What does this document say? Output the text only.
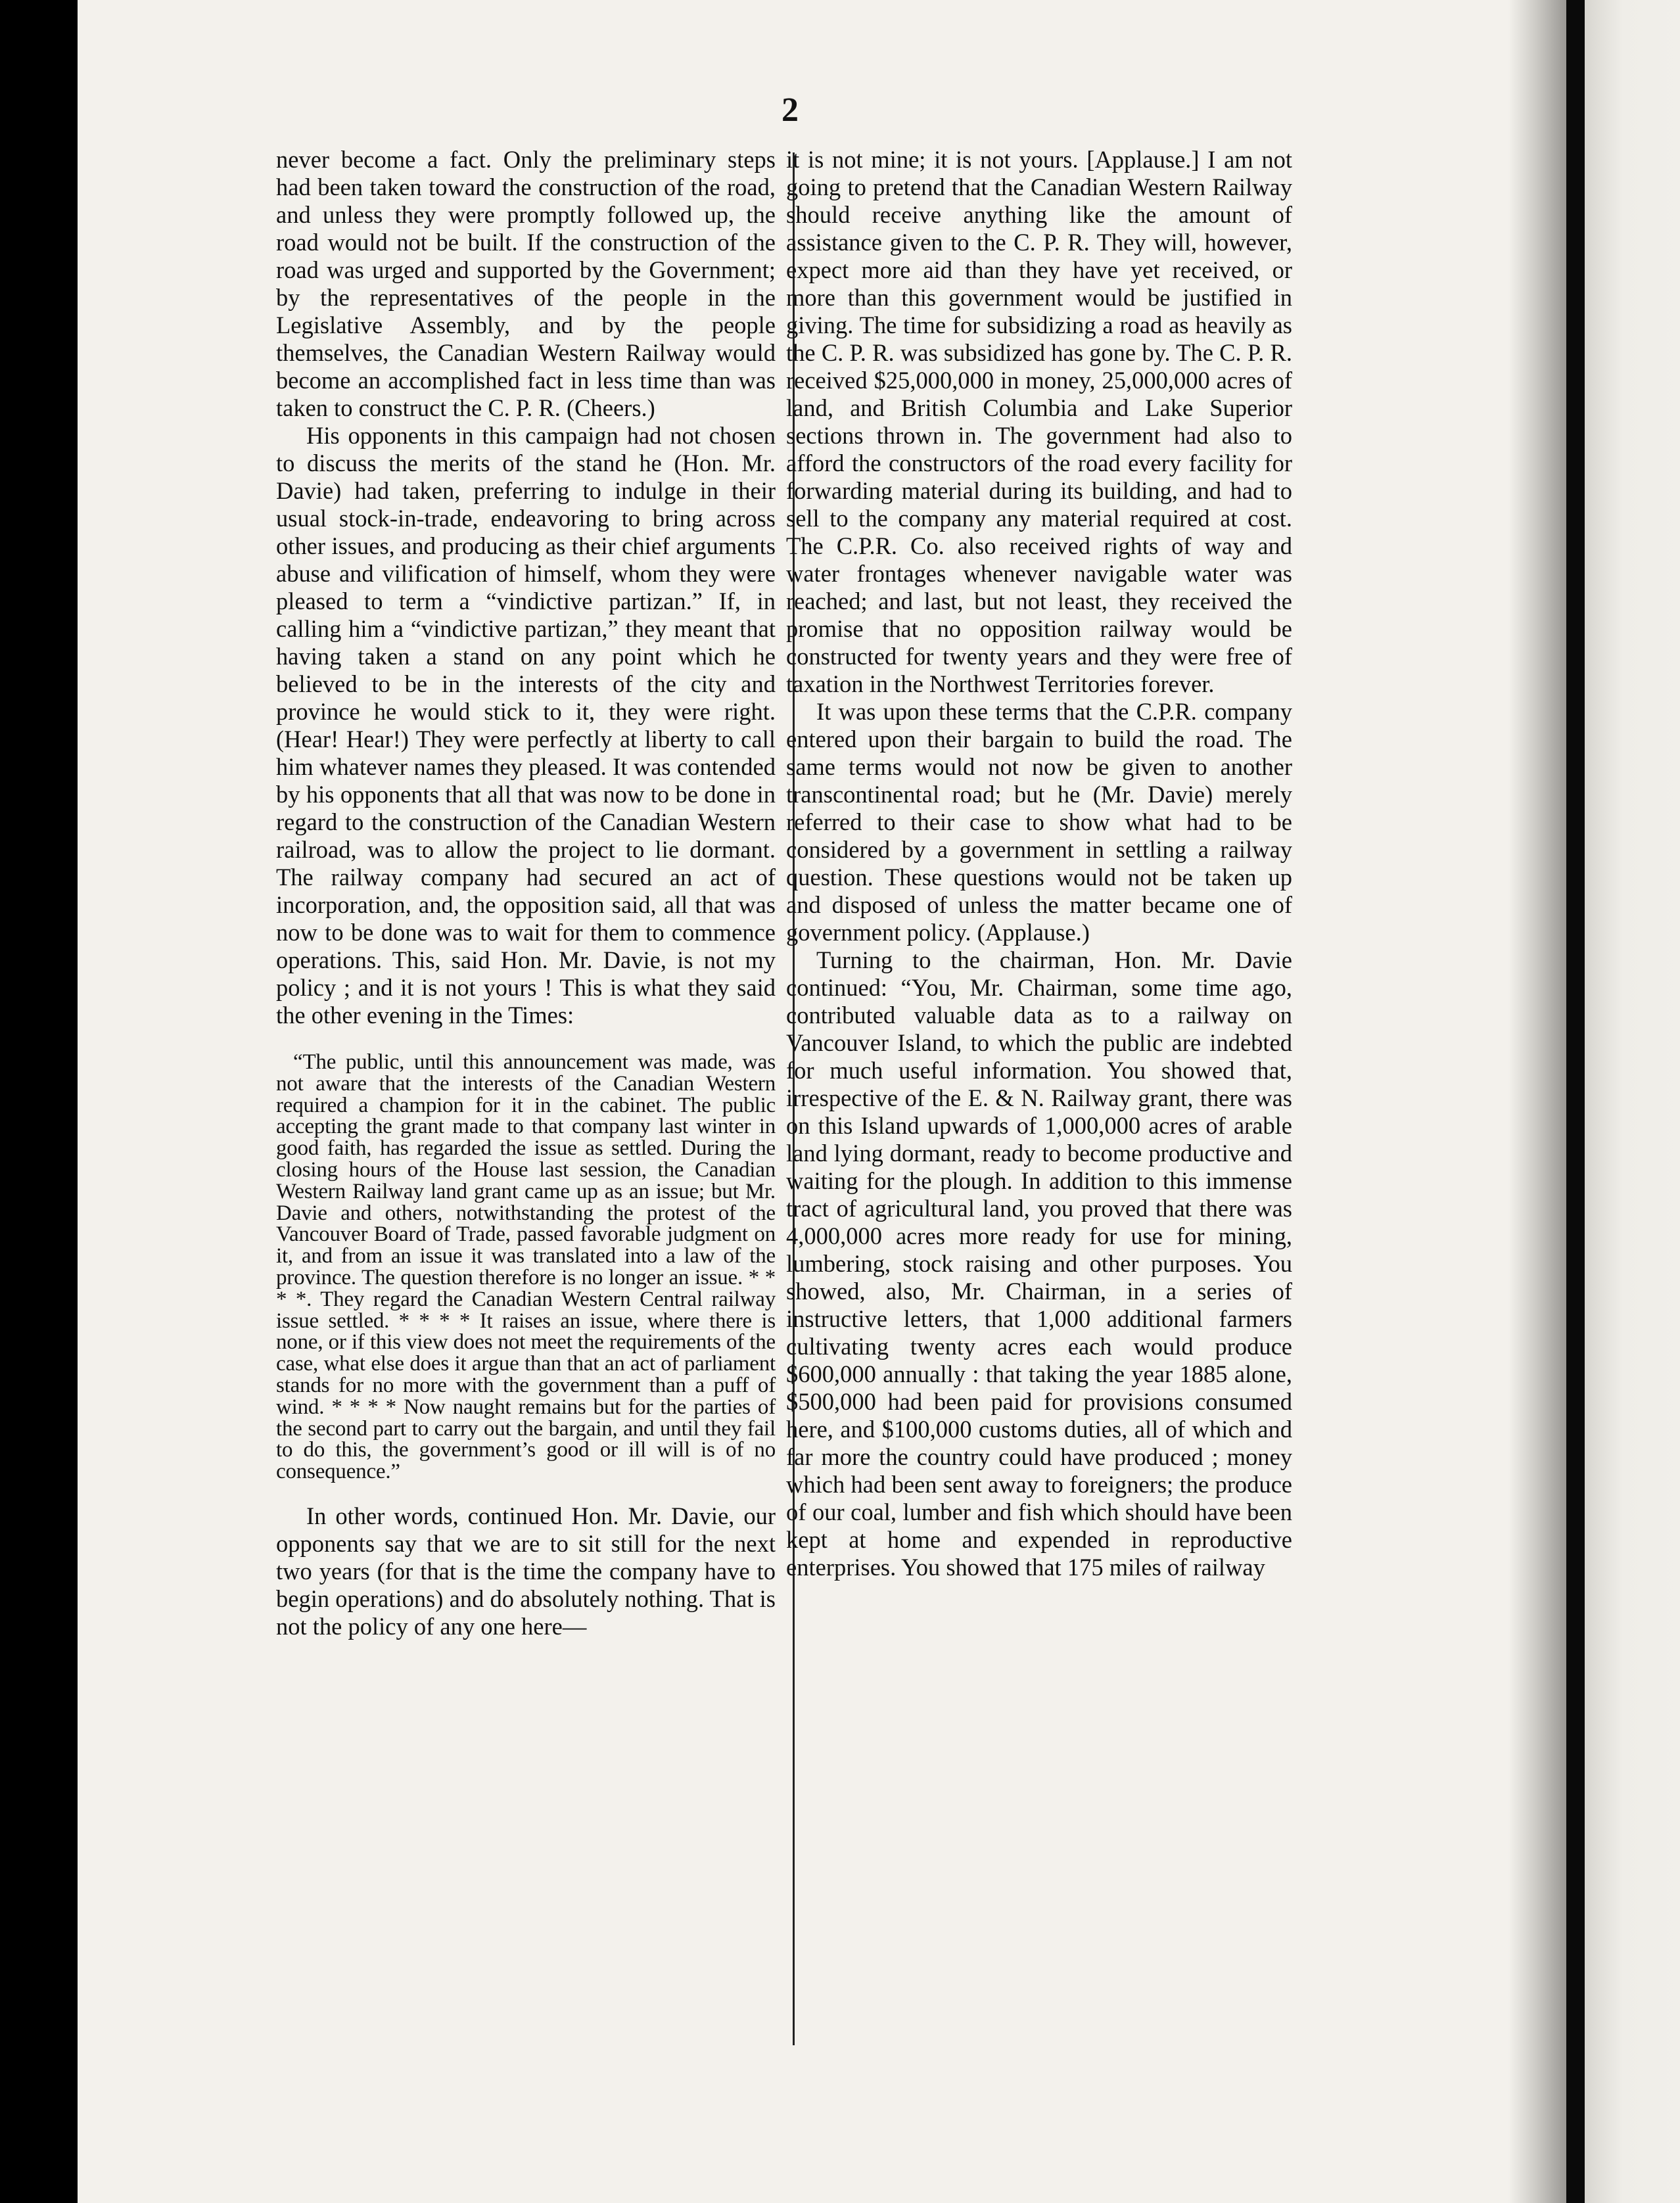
2

never become a fact. Only the preliminary steps had been taken toward the construction of the road, and unless they were promptly followed up, the road would not be built. If the construction of the road was urged and supported by the Government; by the representatives of the people in the Legislative Assembly, and by the people themselves, the Canadian Western Railway would become an accomplished fact in less time than was taken to construct the C. P. R. (Cheers.)

His opponents in this campaign had not chosen to discuss the merits of the stand he (Hon. Mr. Davie) had taken, preferring to indulge in their usual stock-in-trade, endeavoring to bring across other issues, and producing as their chief arguments abuse and vilification of himself, whom they were pleased to term a “vindictive partizan.” If, in calling him a “vindictive partizan,” they meant that having taken a stand on any point which he believed to be in the interests of the city and province he would stick to it, they were right. (Hear! Hear!) They were perfectly at liberty to call him whatever names they pleased. It was contended by his opponents that all that was now to be done in regard to the construction of the Canadian Western railroad, was to allow the project to lie dormant. The railway company had secured an act of incorporation, and, the opposition said, all that was now to be done was to wait for them to commence operations. This, said Hon. Mr. Davie, is not my policy ; and it is not yours ! This is what they said the other evening in the Times:

“The public, until this announcement was made, was not aware that the interests of the Canadian Western required a champion for it in the cabinet. The public accepting the grant made to that company last winter in good faith, has regarded the issue as settled. During the closing hours of the House last session, the Canadian Western Railway land grant came up as an issue; but Mr. Davie and others, notwithstanding the protest of the Vancouver Board of Trade, passed favorable judgment on it, and from an issue it was translated into a law of the province. The question therefore is no longer an issue. * * * *. They regard the Canadian Western Central railway issue settled. * * * * It raises an issue, where there is none, or if this view does not meet the requirements of the case, what else does it argue than that an act of parliament stands for no more with the government than a puff of wind. * * * * Now naught remains but for the parties of the second part to carry out the bargain, and until they fail to do this, the government’s good or ill will is of no consequence.”

In other words, continued Hon. Mr. Davie, our opponents say that we are to sit still for the next two years (for that is the time the company have to begin operations) and do absolutely nothing. That is not the policy of any one here—

it is not mine; it is not yours. [Applause.] I am not going to pretend that the Canadian Western Railway should receive anything like the amount of assistance given to the C. P. R. They will, however, expect more aid than they have yet received, or more than this government would be justified in giving. The time for subsidizing a road as heavily as the C. P. R. was subsidized has gone by. The C. P. R. received $25,000,000 in money, 25,000,000 acres of land, and British Columbia and Lake Superior sections thrown in. The government had also to afford the constructors of the road every facility for forwarding material during its building, and had to sell to the company any material required at cost. The C.P.R. Co. also received rights of way and water frontages whenever navigable water was reached; and last, but not least, they received the promise that no opposition railway would be constructed for twenty years and they were free of taxation in the Northwest Territories forever.

It was upon these terms that the C.P.R. company entered upon their bargain to build the road. The same terms would not now be given to another transcontinental road; but he (Mr. Davie) merely referred to their case to show what had to be considered by a government in settling a railway question. These questions would not be taken up and disposed of unless the matter became one of government policy. (Applause.)

Turning to the chairman, Hon. Mr. Davie continued: “You, Mr. Chairman, some time ago, contributed valuable data as to a railway on Vancouver Island, to which the public are indebted for much useful information. You showed that, irrespective of the E. & N. Railway grant, there was on this Island upwards of 1,000,000 acres of arable land lying dormant, ready to become productive and waiting for the plough. In addition to this immense tract of agricultural land, you proved that there was 4,000,000 acres more ready for use for mining, lumbering, stock raising and other purposes. You showed, also, Mr. Chairman, in a series of instructive letters, that 1,000 additional farmers cultivating twenty acres each would produce $600,000 annually : that taking the year 1885 alone, $500,000 had been paid for provisions consumed here, and $100,000 customs duties, all of which and far more the country could have produced ; money which had been sent away to foreigners; the produce of our coal, lumber and fish which should have been kept at home and expended in reproductive enterprises. You showed that 175 miles of railway
